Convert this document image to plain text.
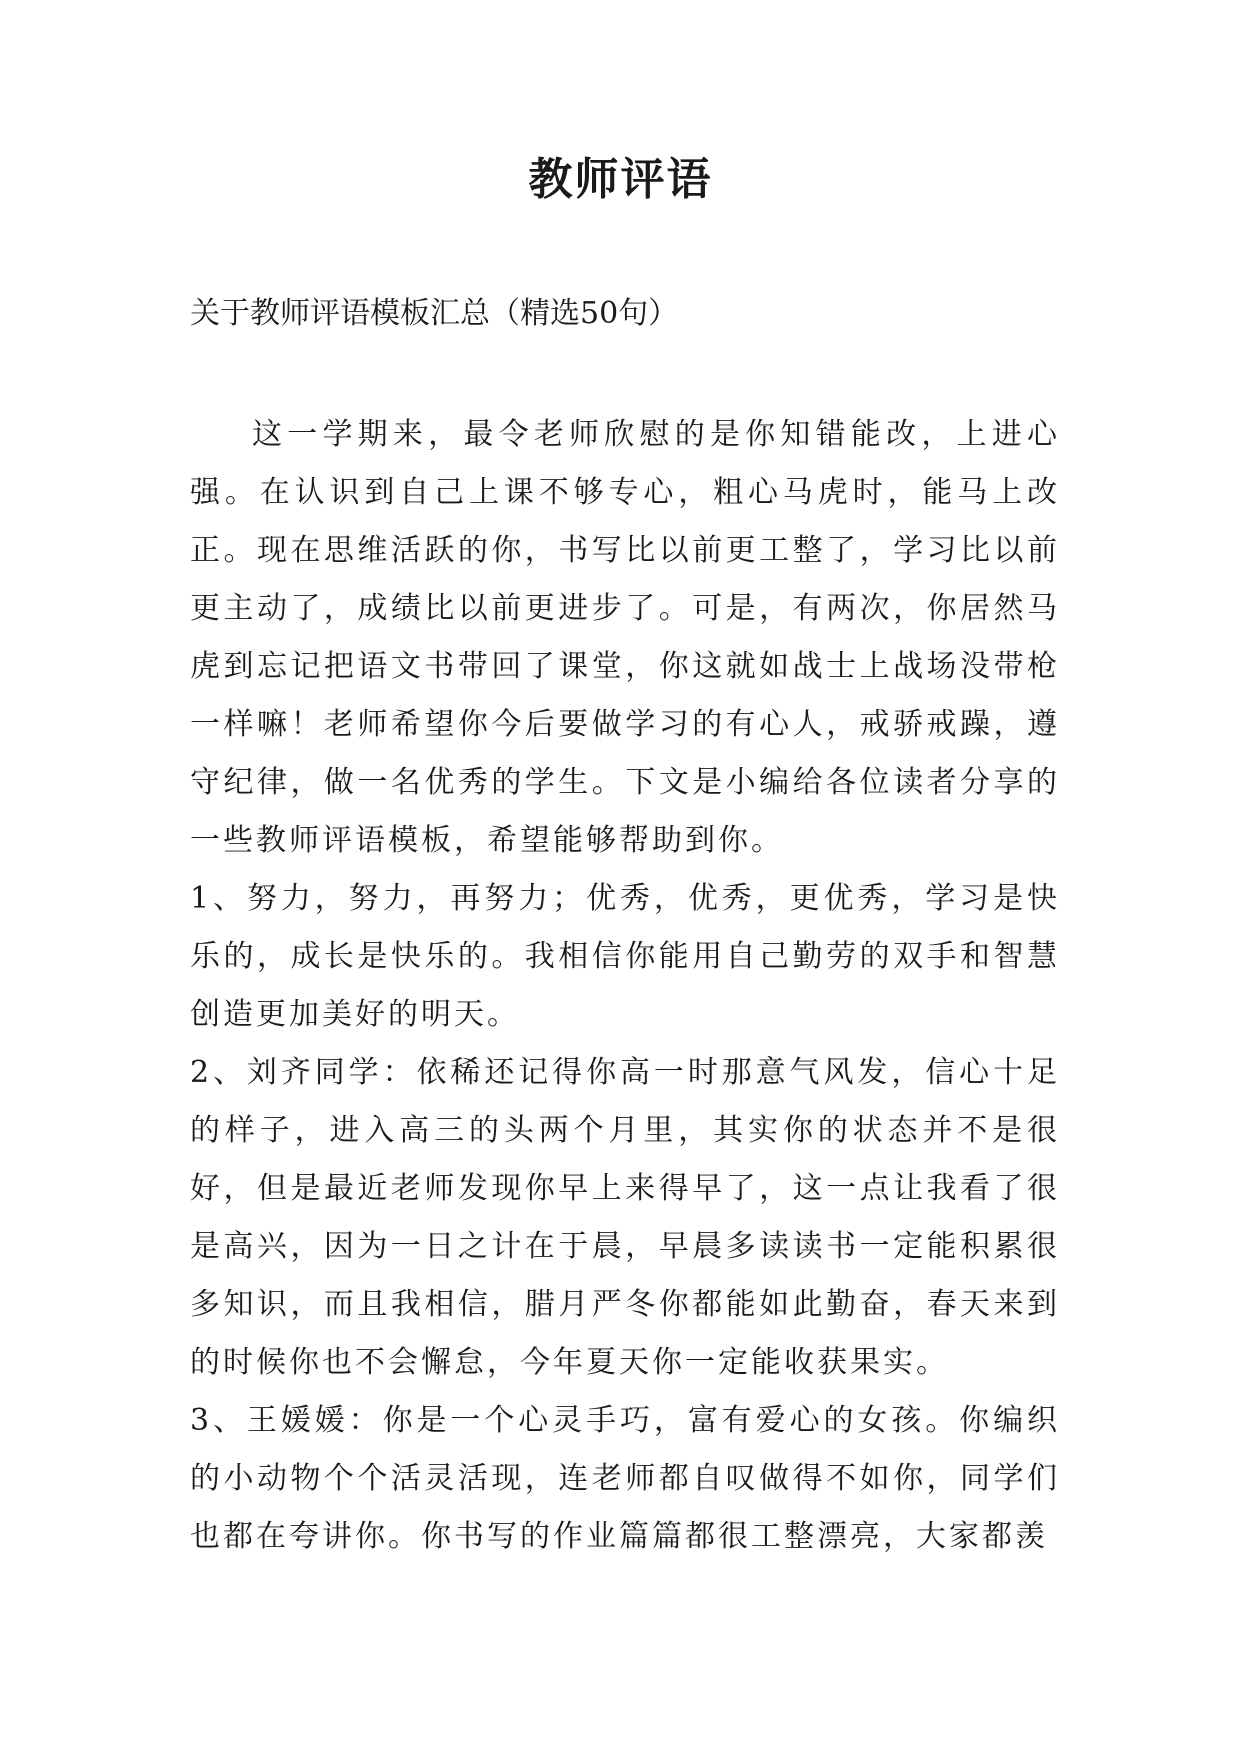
教师评语

关于教师评语模板汇总（精选50句）

这一学期来，最令老师欣慰的是你知错能改，上进心强。在认识到自己上课不够专心，粗心马虎时，能马上改正。现在思维活跃的你，书写比以前更工整了，学习比以前更主动了，成绩比以前更进步了。可是，有两次，你居然马虎到忘记把语文书带回了课堂，你这就如战士上战场没带枪一样嘛！老师希望你今后要做学习的有心人，戒骄戒躁，遵守纪律，做一名优秀的学生。下文是小编给各位读者分享的一些教师评语模板，希望能够帮助到你。

1、努力，努力，再努力；优秀，优秀，更优秀，学习是快乐的，成长是快乐的。我相信你能用自己勤劳的双手和智慧创造更加美好的明天。

2、刘齐同学：依稀还记得你高一时那意气风发，信心十足的样子，进入高三的头两个月里，其实你的状态并不是很好，但是最近老师发现你早上来得早了，这一点让我看了很是高兴，因为一日之计在于晨，早晨多读读书一定能积累很多知识，而且我相信，腊月严冬你都能如此勤奋，春天来到的时候你也不会懈怠，今年夏天你一定能收获果实。

3、王媛媛：你是一个心灵手巧，富有爱心的女孩。你编织的小动物个个活灵活现，连老师都自叹做得不如你，同学们也都在夸讲你。你书写的作业篇篇都很工整漂亮，大家都羡
